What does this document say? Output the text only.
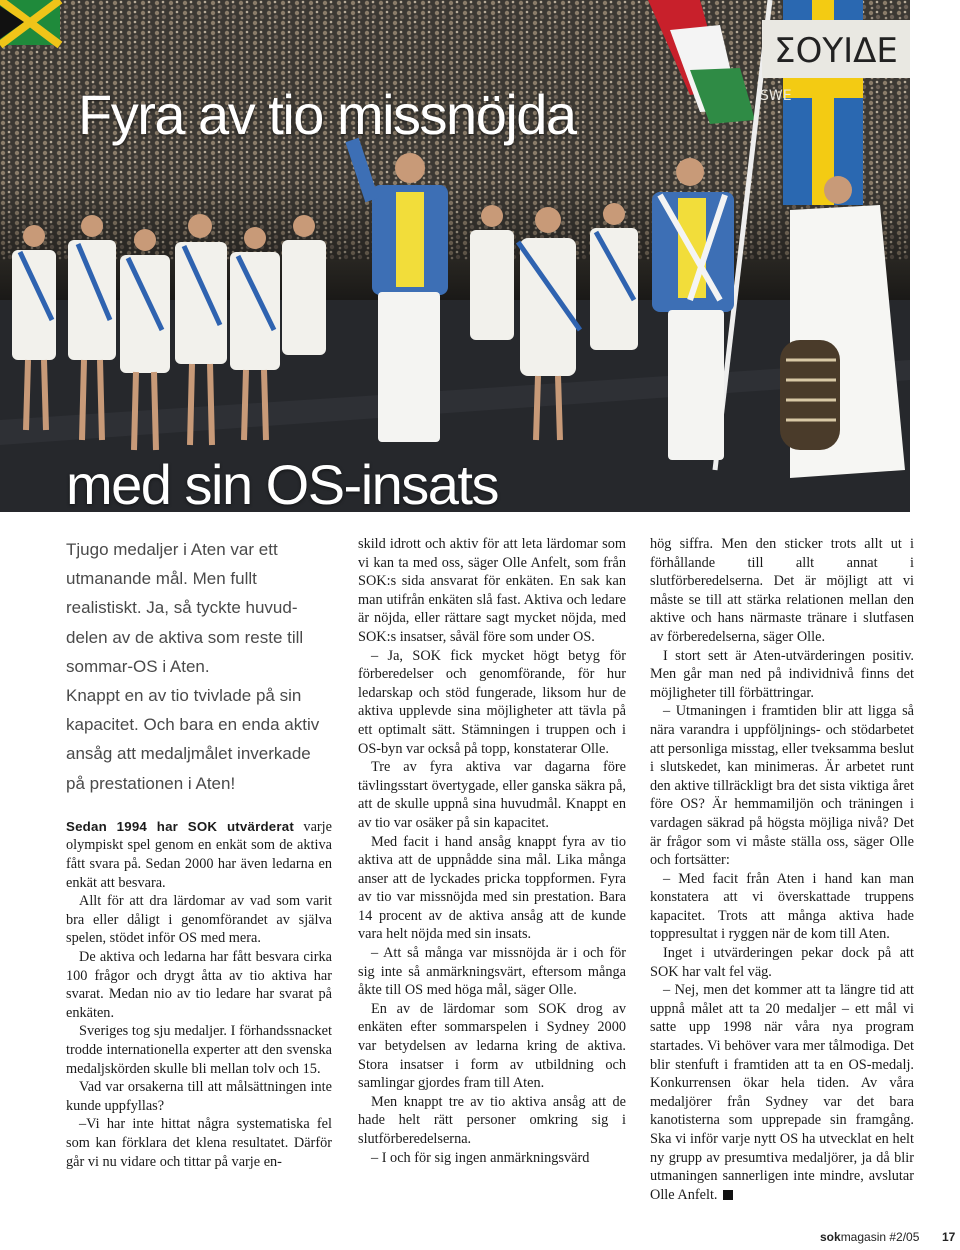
ΣΟΥΙΔΕ
SWE
Fyra av tio missnöjda
med sin OS-insats

Tjugo medaljer i Aten var ett

utmanande mål. Men fullt

realistiskt. Ja, så tyckte huvud-

delen av de aktiva som reste till

sommar-OS i Aten.

Knappt en av tio tvivlade på sin

kapacitet. Och bara en enda aktiv

ansåg att medaljmålet inverkade

på prestationen i Aten!

Sedan 1994 har SOK utvärderat varje olympiskt spel genom en enkät som de aktiva fått svara på. Sedan 2000 har även ledarna en enkät att besvara.

Allt för att dra lärdomar av vad som varit bra eller dåligt i genomförandet av själva spelen, stödet inför OS med mera.

De aktiva och ledarna har fått besvara cirka 100 frågor och drygt åtta av tio aktiva har svarat. Medan nio av tio ledare har svarat på enkäten.

Sveriges tog sju medaljer. I förhandssnacket trodde internationella experter att den svenska medaljskörden skulle bli mellan tolv och 15.

Vad var orsakerna till att målsättningen inte kunde uppfyllas?

–Vi har inte hittat några systematiska fel som kan förklara det klena resultatet. Därför går vi nu vidare och tittar på varje en-

skild idrott och aktiv för att leta lärdomar som vi kan ta med oss, säger Olle Anfelt, som från SOK:s sida ansvarat för enkäten. En sak kan man utifrån enkäten slå fast. Aktiva och ledare är nöjda, eller rättare sagt mycket nöjda, med SOK:s insatser, såväl före som under OS.

– Ja, SOK fick mycket högt betyg för förberedelser och genomförande, för hur ledarskap och stöd fungerade, liksom hur de aktiva upplevde sina möjligheter att tävla på ett optimalt sätt. Stämningen i truppen och i OS-byn var också på topp, konstaterar Olle.

Tre av fyra aktiva var dagarna före tävlingsstart övertygade, eller ganska säkra på, att de skulle uppnå sina huvudmål. Knappt en av tio var osäker på sin kapacitet.

Med facit i hand ansåg knappt fyra av tio aktiva att de uppnådde sina mål. Lika många anser att de lyckades pricka toppformen. Fyra av tio var missnöjda med sin prestation. Bara 14 procent av de aktiva ansåg att de kunde vara helt nöjda med sin insats.

– Att så många var missnöjda är i och för sig inte så anmärkningsvärt, eftersom många åkte till OS med höga mål, säger Olle.

En av de lärdomar som SOK drog av enkäten efter sommarspelen i Sydney 2000 var betydelsen av ledarna kring de aktiva. Stora insatser i form av utbildning och samlingar gjordes fram till Aten.

Men knappt tre av tio aktiva ansåg att de hade helt rätt personer omkring sig i slutförberedelserna.

– I och för sig ingen anmärkningsvärd

hög siffra. Men den sticker trots allt ut i förhållande till allt annat i slutförberedelserna. Det är möjligt att vi måste se till att stärka relationen mellan den aktive och hans närmaste tränare i slutfasen av förberedelserna, säger Olle.

I stort sett är Aten-utvärderingen positiv. Men går man ned på individnivå finns det möjligheter till förbättringar.

– Utmaningen i framtiden blir att ligga så nära varandra i uppföljnings- och stödarbetet att personliga misstag, eller tveksamma beslut i slutskedet, kan minimeras. Är arbetet runt den aktive tillräckligt bra det sista viktiga året före OS? Är hemmamiljön och träningen i vardagen säkrad på högsta möjliga nivå? Det är frågor som vi måste ställa oss, säger Olle och fortsätter:

– Med facit från Aten i hand kan man konstatera att vi överskattade truppens kapacitet. Trots att många aktiva hade toppresultat i ryggen när de kom till Aten.

Inget i utvärderingen pekar dock på att SOK har valt fel väg.

– Nej, men det kommer att ta längre tid att uppnå målet att ta 20 medaljer – ett mål vi satte upp 1998 när våra nya program startades. Vi behöver vara mer tålmodiga. Det blir stenfuft i framtiden att ta en OS-medalj. Konkurrensen ökar hela tiden. Av våra medaljörer från Sydney var det bara kanotisterna som upprepade sin framgång. Ska vi inför varje nytt OS ha utvecklat en helt ny grupp av presumtiva medaljörer, ja då blir utmaningen sannerligen inte mindre, avslutar Olle Anfelt.

sokmagasin #2/05 17
